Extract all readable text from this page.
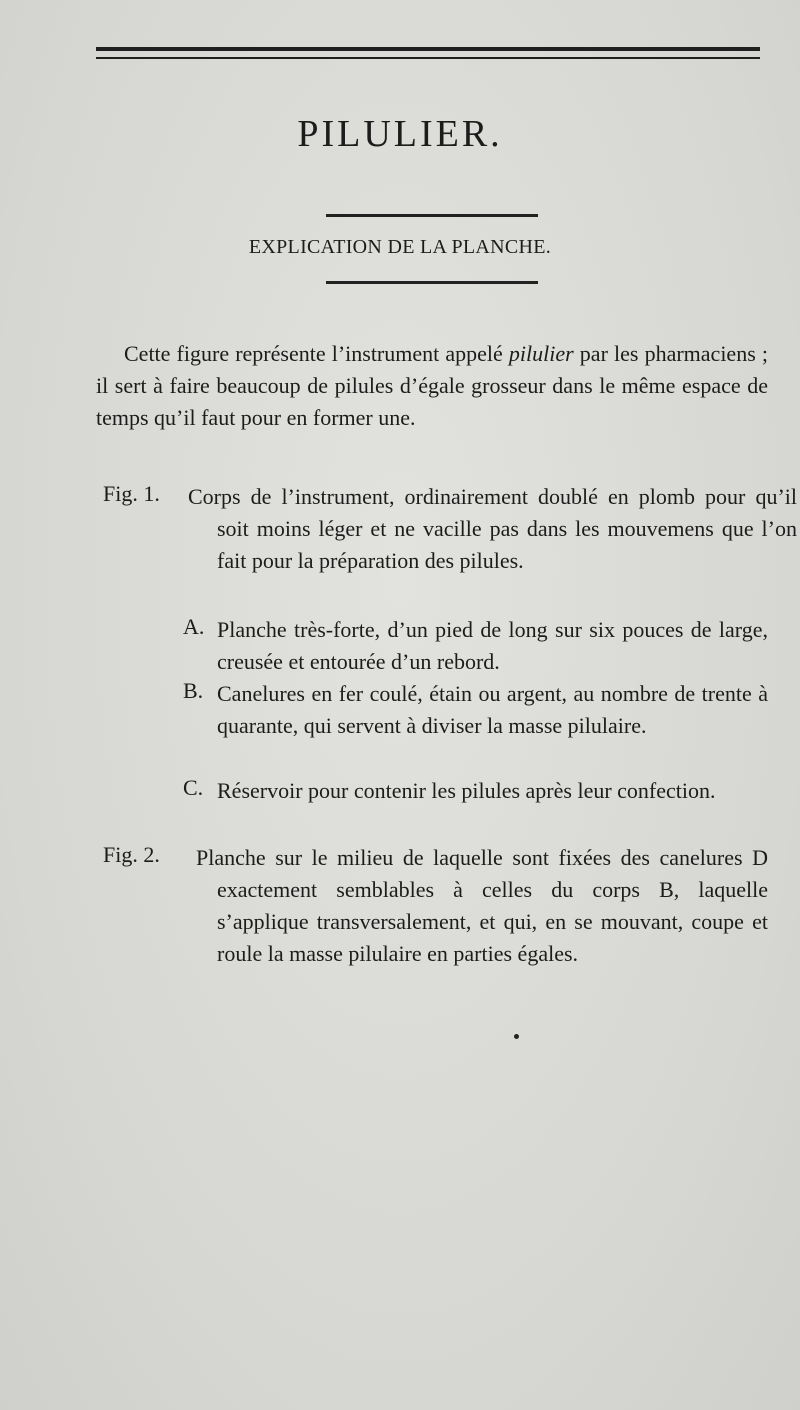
PILULIER.
EXPLICATION DE LA PLANCHE.
Cette figure représente l’instrument appelé pilulier par les pharmaciens ; il sert à faire beaucoup de pilules d’égale grosseur dans le même espace de temps qu’il faut pour en former une.
Fig. 1. Corps de l’instrument, ordinairement doublé en plomb pour qu’il soit moins léger et ne vacille pas dans les mouvemens que l’on fait pour la préparation des pilules.
A. Planche très-forte, d’un pied de long sur six pouces de large, creusée et entourée d’un rebord.
B. Canelures en fer coulé, étain ou argent, au nombre de trente à quarante, qui servent à diviser la masse pilulaire.
C. Réservoir pour contenir les pilules après leur confection.
Fig. 2. Planche sur le milieu de laquelle sont fixées des canelures D exactement semblables à celles du corps B, laquelle s’applique transversalement, et qui, en se mouvant, coupe et roule la masse pilulaire en parties égales.
